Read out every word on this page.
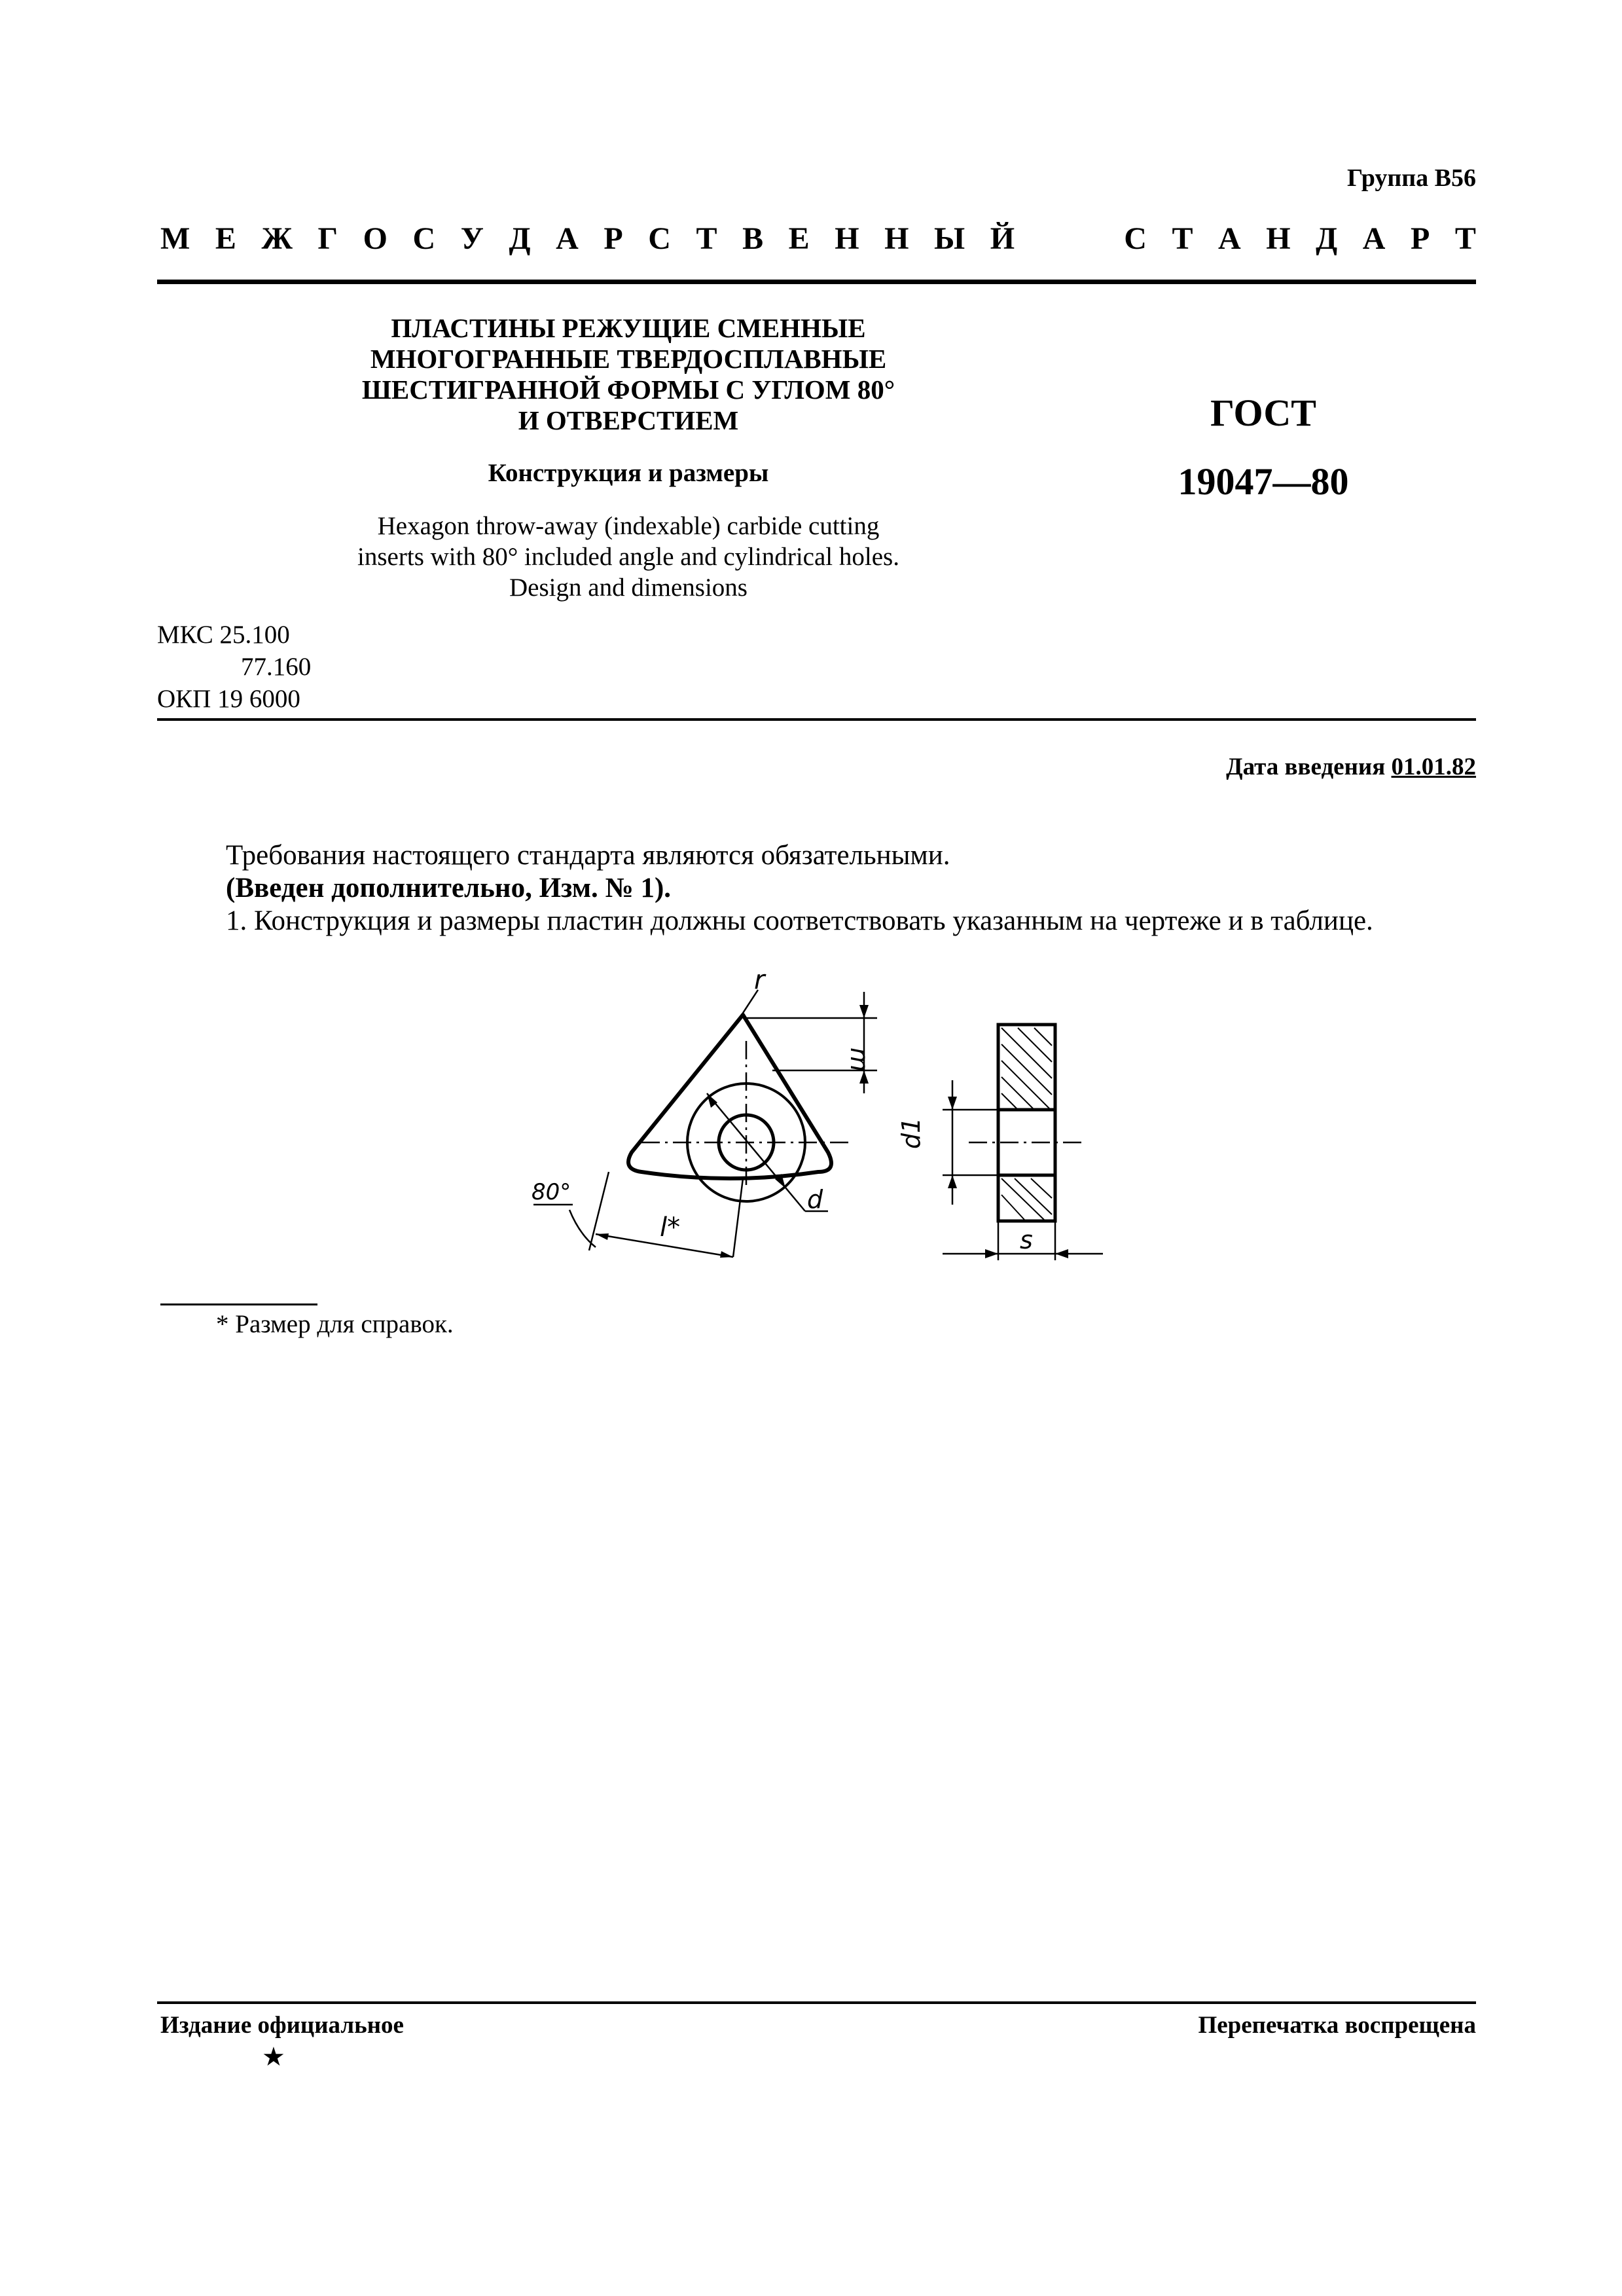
Группа В56
М Е Ж Г О С У Д А Р С Т В Е Н Н Ы Й	С Т А Н Д А Р Т
ПЛАСТИНЫ РЕЖУЩИЕ СМЕННЫЕ
МНОГОГРАННЫЕ ТВЕРДОСПЛАВНЫЕ
ШЕСТИГРАННОЙ ФОРМЫ С УГЛОМ 80°
И ОТВЕРСТИЕМ
Конструкция и размеры
Hexagon throw-away (indexable) carbide cutting
inserts with 80° included angle and cylindrical holes.
Design and dimensions
ГОСТ
19047—80
МКС 25.100
77.160
ОКП 19 6000
Дата введения 01.01.82
Требования настоящего стандарта являются обязательными.
(Введен дополнительно, Изм. № 1).
1. Конструкция и размеры пластин должны соответствовать указанным на чертеже и в таблице.
r
m
d
80°
l*
d1
s
* Размер для справок.
Издание официальное	Перепечатка воспрещена
★
